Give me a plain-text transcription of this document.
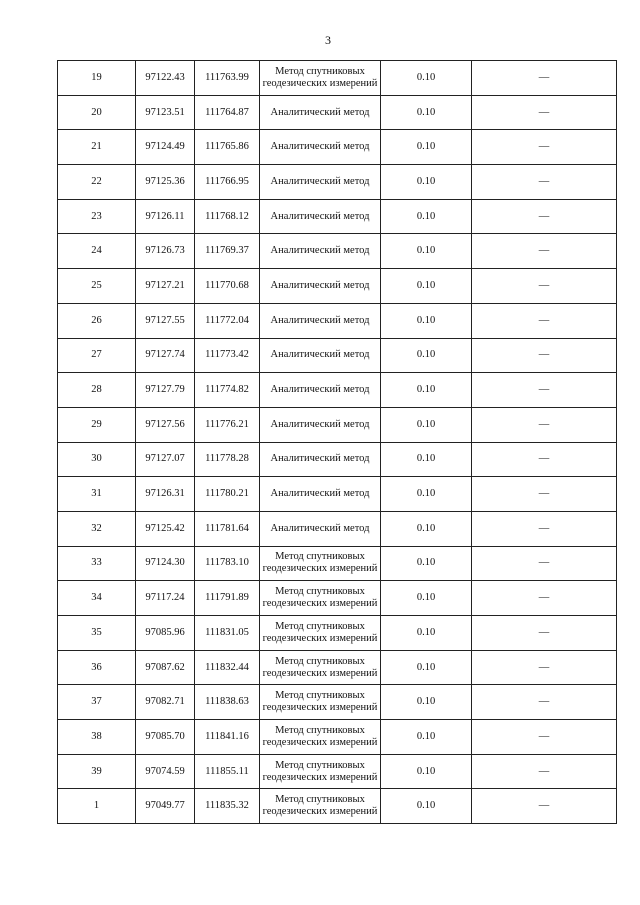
3
19	97122.43	111763.99	Метод спутниковых
геодезических измерений	0.10	—
20	97123.51	111764.87	Аналитический метод	0.10	—
21	97124.49	111765.86	Аналитический метод	0.10	—
22	97125.36	111766.95	Аналитический метод	0.10	—
23	97126.11	111768.12	Аналитический метод	0.10	—
24	97126.73	111769.37	Аналитический метод	0.10	—
25	97127.21	111770.68	Аналитический метод	0.10	—
26	97127.55	111772.04	Аналитический метод	0.10	—
27	97127.74	111773.42	Аналитический метод	0.10	—
28	97127.79	111774.82	Аналитический метод	0.10	—
29	97127.56	111776.21	Аналитический метод	0.10	—
30	97127.07	111778.28	Аналитический метод	0.10	—
31	97126.31	111780.21	Аналитический метод	0.10	—
32	97125.42	111781.64	Аналитический метод	0.10	—
33	97124.30	111783.10	Метод спутниковых
геодезических измерений	0.10	—
34	97117.24	111791.89	Метод спутниковых
геодезических измерений	0.10	—
35	97085.96	111831.05	Метод спутниковых
геодезических измерений	0.10	—
36	97087.62	111832.44	Метод спутниковых
геодезических измерений	0.10	—
37	97082.71	111838.63	Метод спутниковых
геодезических измерений	0.10	—
38	97085.70	111841.16	Метод спутниковых
геодезических измерений	0.10	—
39	97074.59	111855.11	Метод спутниковых
геодезических измерений	0.10	—
1	97049.77	111835.32	Метод спутниковых
геодезических измерений	0.10	—
